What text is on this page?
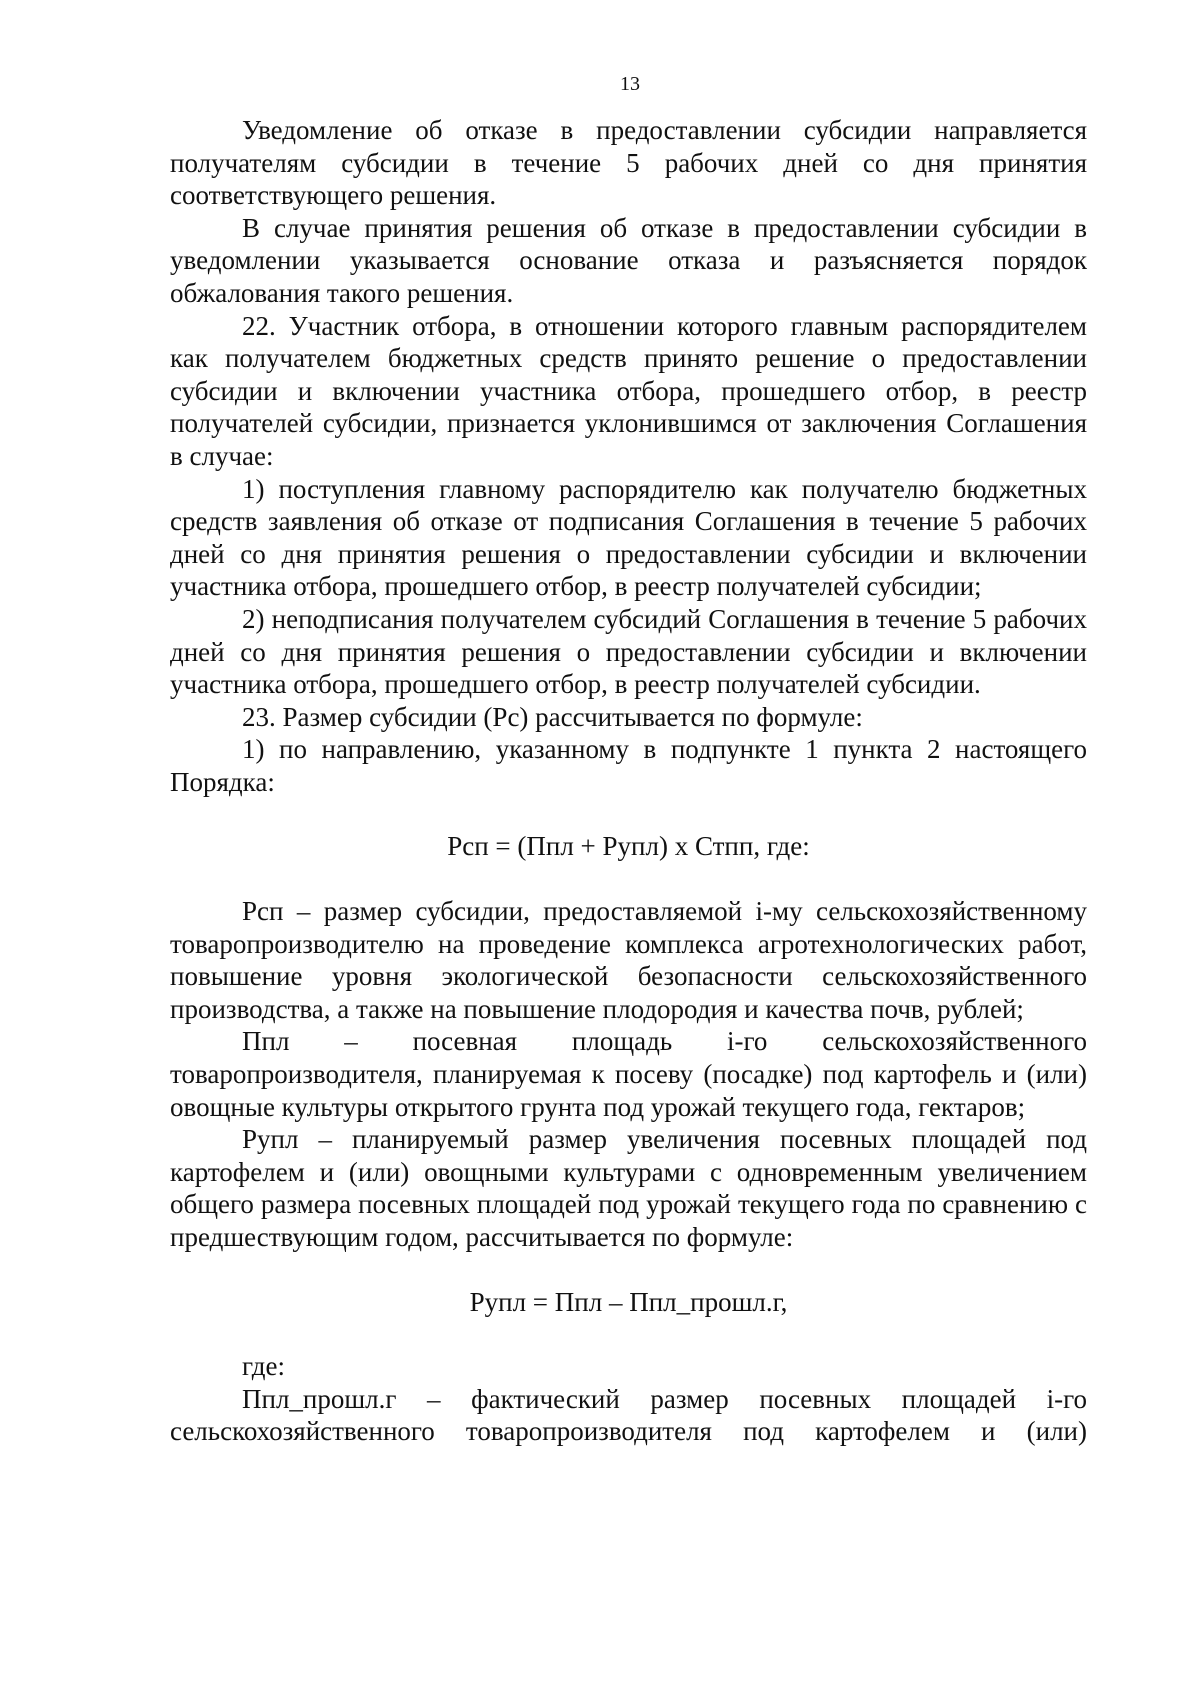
13

Уведомление об отказе в предоставлении субсидии направляется получателям субсидии в течение 5 рабочих дней со дня принятия соответствующего решения.

В случае принятия решения об отказе в предоставлении субсидии в уведомлении указывается основание отказа и разъясняется порядок обжалования такого решения.

22. Участник отбора, в отношении которого главным распорядителем как получателем бюджетных средств принято решение о предоставлении субсидии и включении участника отбора, прошедшего отбор, в реестр получателей субсидии, признается уклонившимся от заключения Соглашения в случае:

1) поступления главному распорядителю как получателю бюджетных средств заявления об отказе от подписания Соглашения в течение 5 рабочих дней со дня принятия решения о предоставлении субсидии и включении участника отбора, прошедшего отбор, в реестр получателей субсидии;

2) неподписания получателем субсидий Соглашения в течение 5 рабочих дней со дня принятия решения о предоставлении субсидии и включении участника отбора, прошедшего отбор, в реестр получателей субсидии.

23. Размер субсидии (Рс) рассчитывается по формуле:

1) по направлению, указанному в подпункте 1 пункта 2 настоящего Порядка:

Рсп = (Ппл + Рупл) х Стпп, где:

Рсп – размер субсидии, предоставляемой i-му сельскохозяйственному товаропроизводителю на проведение комплекса агротехнологических работ, повышение уровня экологической безопасности сельскохозяйственного производства, а также на повышение плодородия и качества почв, рублей;

Ппл – посевная площадь i-го сельскохозяйственного товаропроизводителя, планируемая к посеву (посадке) под картофель и (или) овощные культуры открытого грунта под урожай текущего года, гектаров;

Рупл – планируемый размер увеличения посевных площадей под картофелем и (или) овощными культурами с одновременным увеличением общего размера посевных площадей под урожай текущего года по сравнению с предшествующим годом, рассчитывается по формуле:

Рупл = Ппл – Ппл_прошл.г,

где:

Ппл_прошл.г – фактический размер посевных площадей i-го сельскохозяйственного товаропроизводителя под картофелем и (или)
